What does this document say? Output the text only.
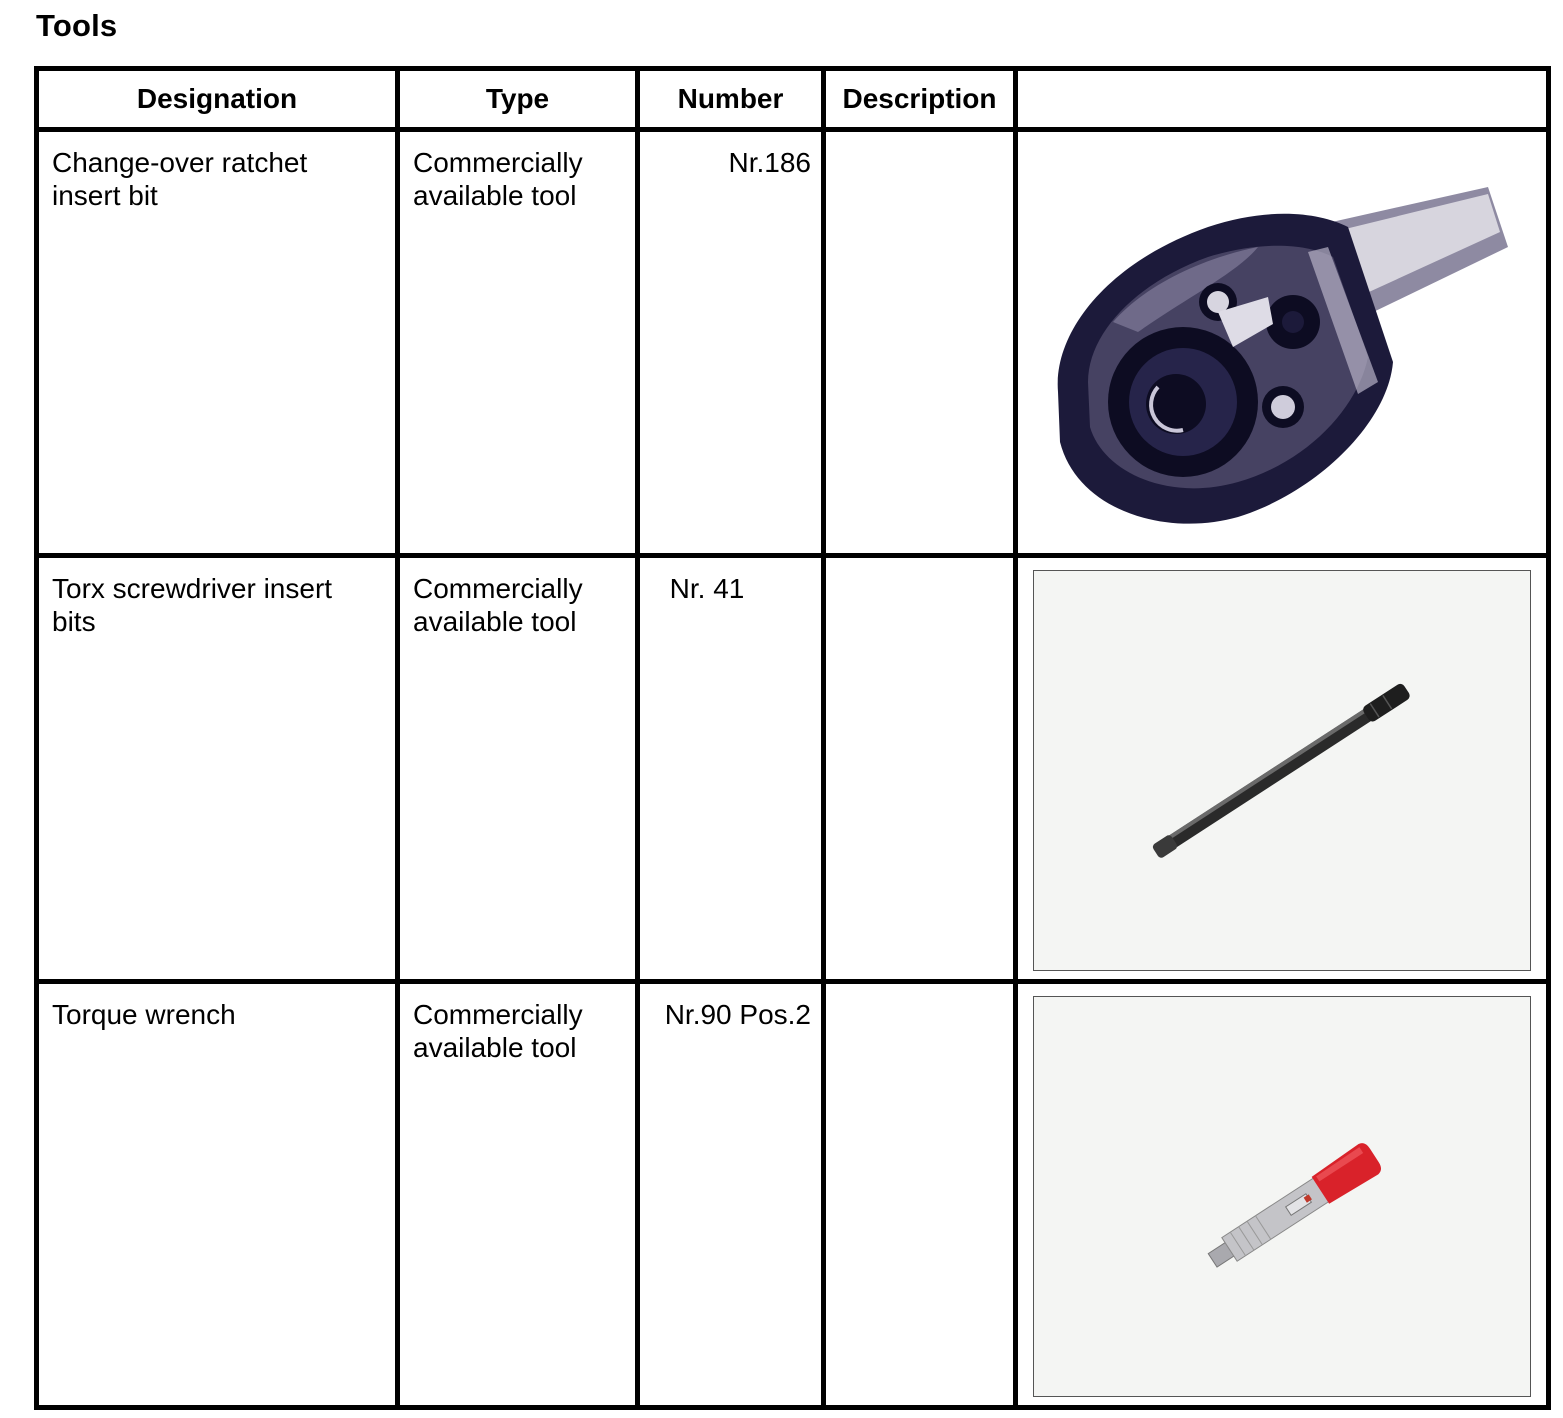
Tools
Designation	Type	Number	Description	

Change-over ratchet insert bit	Commercially available tool	Nr.186

Torx screwdriver insert bits	Commercially available tool	Nr. 41

Torque wrench	Commercially available tool	Nr.90 Pos.2
